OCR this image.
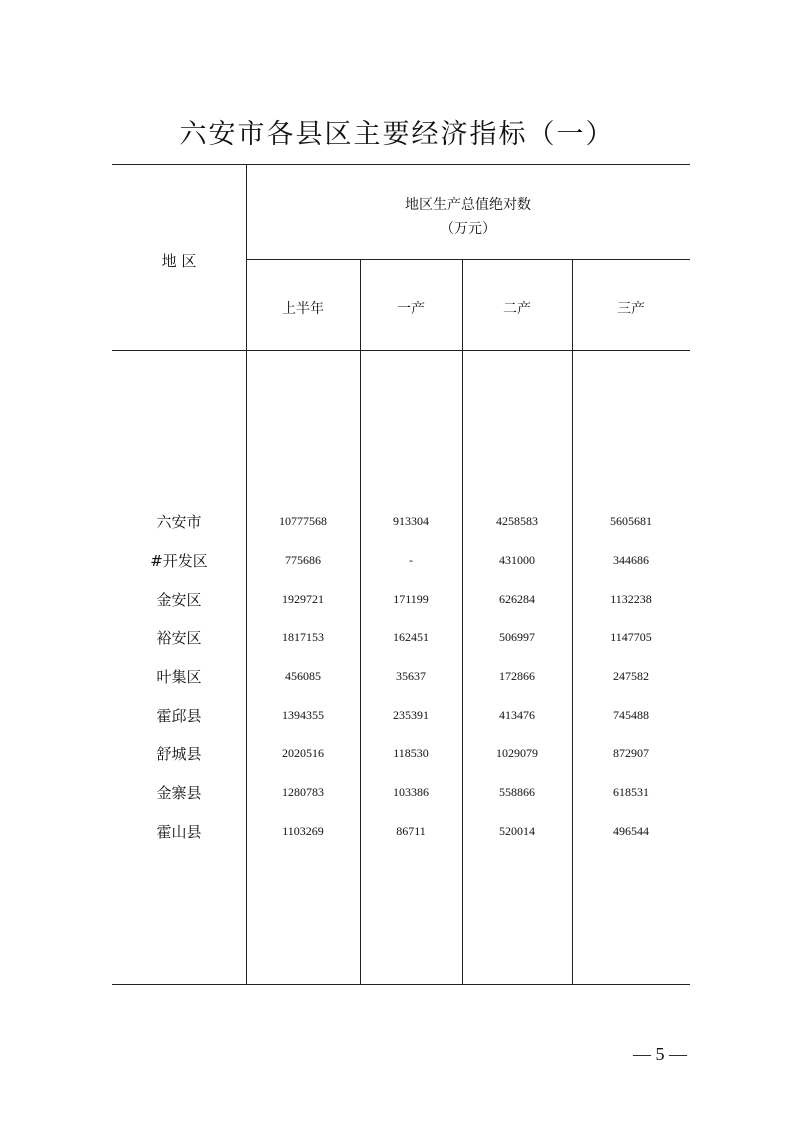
六安市各县区主要经济指标（一）
地 区
地区生产总值绝对数
（万元）
上半年	一产	二产	三产
六安市	10777568	913304	4258583	5605681
#开发区	775686	-	431000	344686
金安区	1929721	171199	626284	1132238
裕安区	1817153	162451	506997	1147705
叶集区	456085	35637	172866	247582
霍邱县	1394355	235391	413476	745488
舒城县	2020516	118530	1029079	872907
金寨县	1280783	103386	558866	618531
霍山县	1103269	86711	520014	496544
— 5 —
